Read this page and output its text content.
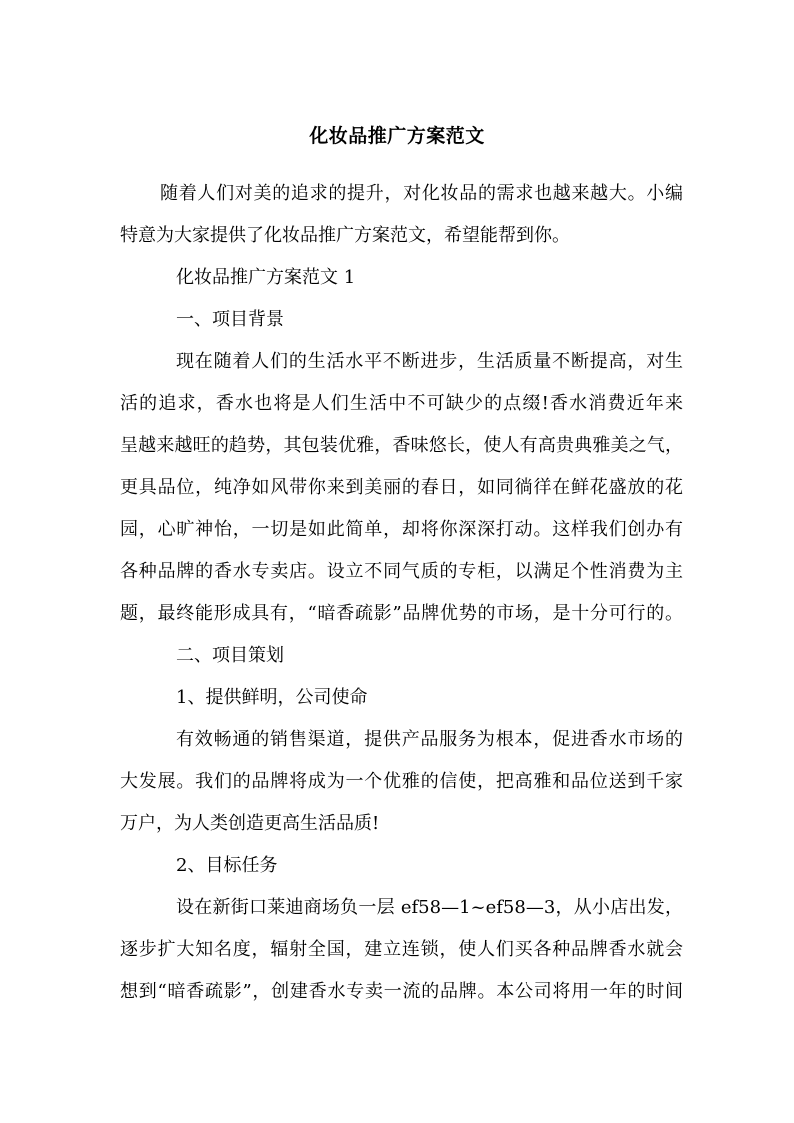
化妆品推广方案范文
随着人们对美的追求的提升，对化妆品的需求也越来越大。小编
特意为大家提供了化妆品推广方案范文，希望能帮到你。
化妆品推广方案范文 1
一、项目背景
现在随着人们的生活水平不断进步，生活质量不断提高，对生
活的追求，香水也将是人们生活中不可缺少的点缀!香水消费近年来
呈越来越旺的趋势，其包装优雅，香味悠长，使人有高贵典雅美之气，
更具品位，纯净如风带你来到美丽的春日，如同徜徉在鲜花盛放的花
园，心旷神怡，一切是如此简单，却将你深深打动。这样我们创办有
各种品牌的香水专卖店。设立不同气质的专柜，以满足个性消费为主
题，最终能形成具有，“暗香疏影”品牌优势的市场，是十分可行的。
二、项目策划
1、提供鲜明，公司使命
有效畅通的销售渠道，提供产品服务为根本，促进香水市场的
大发展。我们的品牌将成为一个优雅的信使，把高雅和品位送到千家
万户，为人类创造更高生活品质!
2、目标任务
设在新街口莱迪商场负一层 ef58—1~ef58—3，从小店出发，
逐步扩大知名度，辐射全国，建立连锁，使人们买各种品牌香水就会
想到“暗香疏影”，创建香水专卖一流的品牌。本公司将用一年的时间
